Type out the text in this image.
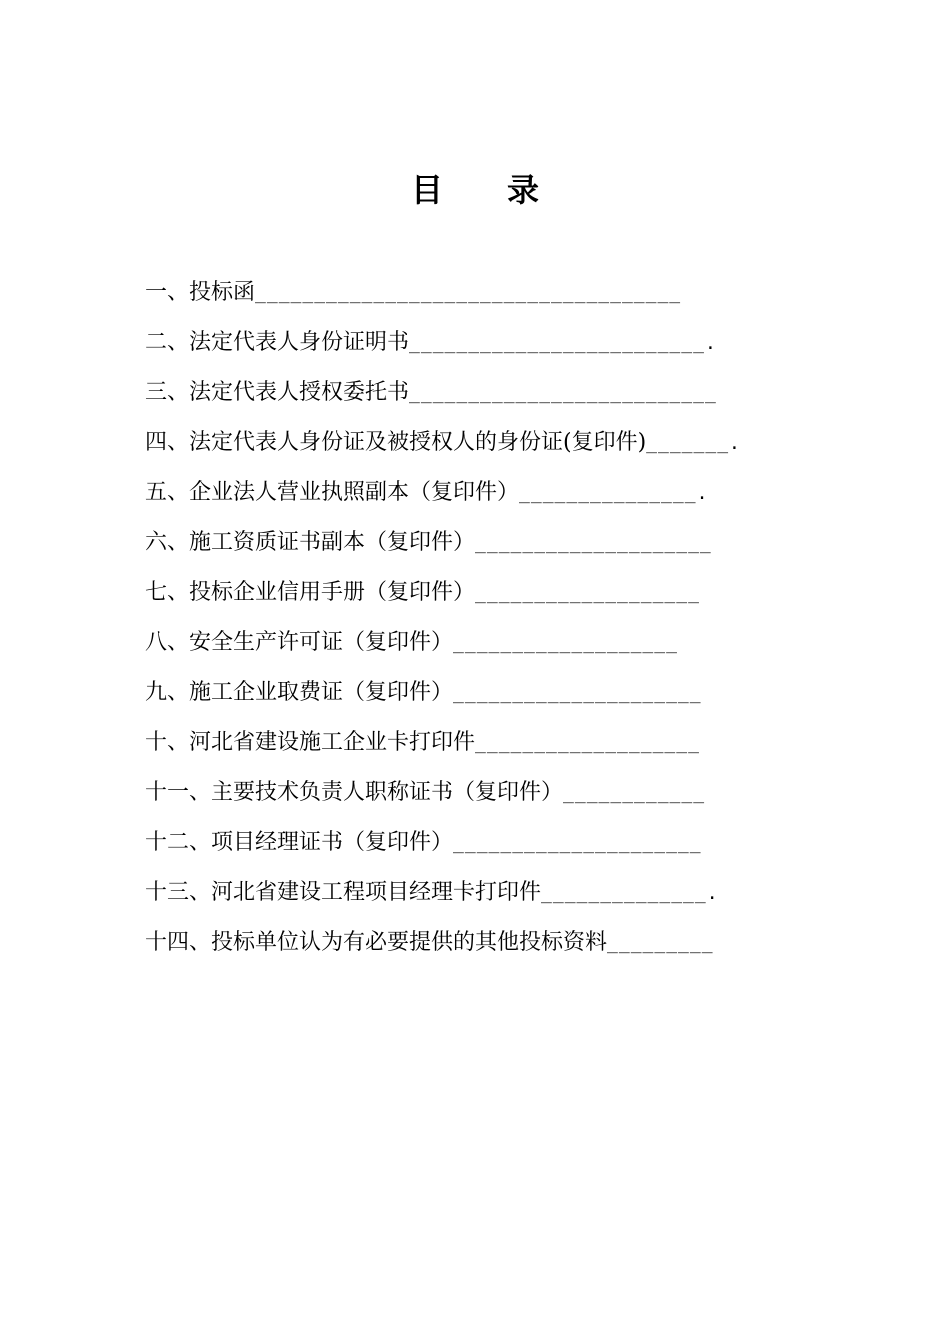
目　　录
一、投标函 ____________________________________
二、法定代表人身份证明书 _________________________.
三、法定代表人授权委托书 __________________________
四、法定代表人身份证及被授权人的身份证(复印件) _______.
五、企业法人营业执照副本（复印件） _______________.
六、施工资质证书副本（复印件） ____________________
七、投标企业信用手册（复印件） ___________________
八、安全生产许可证（复印件） ___________________
九、施工企业取费证（复印件） _____________________
十、河北省建设施工企业卡打印件 ___________________
十一、主要技术负责人职称证书（复印件） ____________
十二、项目经理证书（复印件） _____________________
十三、河北省建设工程项目经理卡打印件 ______________.
十四、投标单位认为有必要提供的其他投标资料 _________
